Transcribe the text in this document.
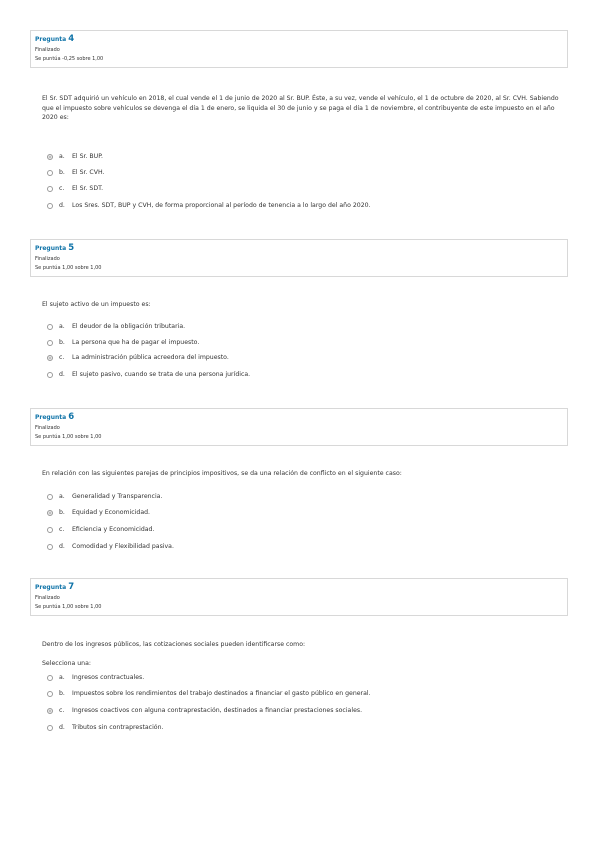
Pregunta 4
Finalizado
Se puntúa -0,25 sobre 1,00
El Sr. SDT adquirió un vehículo en 2018, el cual vende el 1 de junio de 2020 al Sr. BUP. Éste, a su vez, vende el vehículo, el 1 de octubre de 2020, al Sr. CVH. Sabiendo que el impuesto sobre vehículos se devenga el día 1 de enero, se liquida el 30 de junio y se paga el día 1 de noviembre, el contribuyente de este impuesto en el año 2020 es:
a.	El Sr. BUP.
b.	El Sr. CVH.
c.	El Sr. SDT.
d.	Los Sres. SDT, BUP y CVH, de forma proporcional al período de tenencia a lo largo del año 2020.
Pregunta 5
Finalizado
Se puntúa 1,00 sobre 1,00
El sujeto activo de un impuesto es:
a.	El deudor de la obligación tributaria.
b.	La persona que ha de pagar el impuesto.
c.	La administración pública acreedora del impuesto.
d.	El sujeto pasivo, cuando se trata de una persona jurídica.
Pregunta 6
Finalizado
Se puntúa 1,00 sobre 1,00
En relación con las siguientes parejas de principios impositivos, se da una relación de conflicto en el siguiente caso:
a.	Generalidad y Transparencia.
b.	Equidad y Economicidad.
c.	Eficiencia y Economicidad.
d.	Comodidad y Flexibilidad pasiva.
Pregunta 7
Finalizado
Se puntúa 1,00 sobre 1,00
Dentro de los ingresos públicos, las cotizaciones sociales pueden identificarse como:
Selecciona una:
a.	Ingresos contractuales.
b.	Impuestos sobre los rendimientos del trabajo destinados a financiar el gasto público en general.
c.	Ingresos coactivos con alguna contraprestación, destinados a financiar prestaciones sociales.
d.	Tributos sin contraprestación.
